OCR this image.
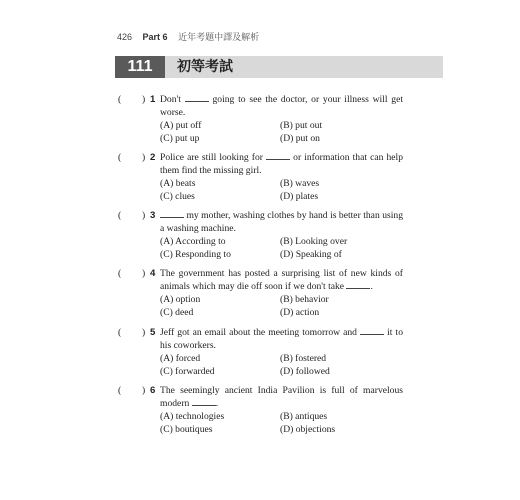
426 Part 6 近年考題中譯及解析
111	初等考試
( ) 1 Don't	going to see the doctor, or your illness will get worse.
(A) put off	(B) put out
(C) put up	(D) put on
( ) 2 Police are still looking for	or information that can help them find the missing girl.
(A) beats	(B) waves
(C) clues	(D) plates
( ) 3	my mother, washing clothes by hand is better than using a washing machine.
(A) According to	(B) Looking over
(C) Responding to	(D) Speaking of
( ) 4 The government has posted a surprising list of new kinds of animals which may die off soon if we don't take	.
(A) option	(B) behavior
(C) deed	(D) action
( ) 5 Jeff got an email about the meeting tomorrow and	it to his coworkers.
(A) forced	(B) fostered
(C) forwarded	(D) followed
( ) 6 The seemingly ancient India Pavilion is full of marvelous modern	.
(A) technologies	(B) antiques
(C) boutiques	(D) objections
